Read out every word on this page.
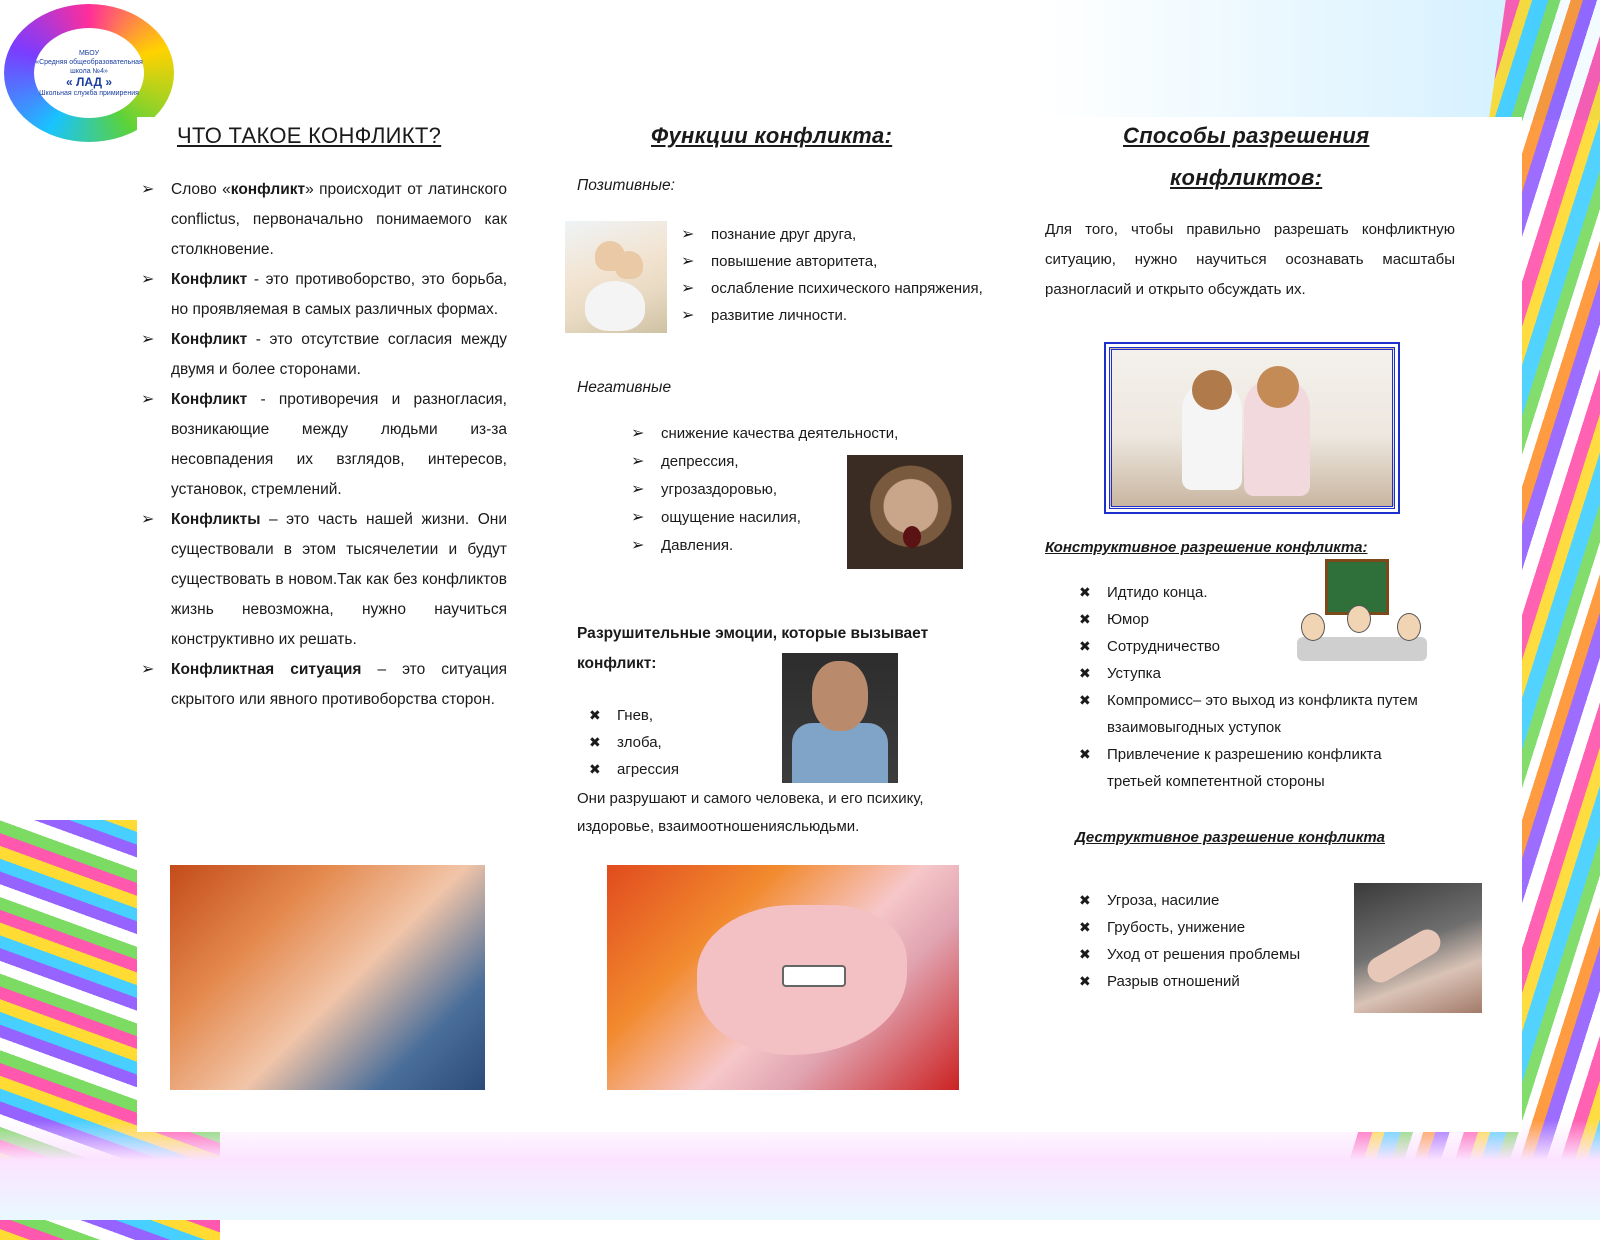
МБОУ
«Средняя общеобразовательная школа №4»
« ЛАД »
Школьная служба примирения
ЧТО ТАКОЕ КОНФЛИКТ?
➢ Слово «конфликт» происходит от латинского conflictus, первоначально понимаемого как столкновение.
➢ Конфликт - это противоборство, это борьба, но проявляемая в самых различных формах.
➢ Конфликт - это отсутствие согласия между двумя и более сторонами.
➢ Конфликт - противоречия и разногласия, возникающие между людьми из-за несовпадения их взглядов, интересов, установок, стремлений.
➢ Конфликты – это часть нашей жизни. Они существовали в этом тысячелетии и будут существовать в новом.Так как без конфликтов жизнь невозможна, нужно научиться конструктивно их решать.
➢ Конфликтная ситуация – это ситуация скрытого или явного противоборства сторон.
Функции конфликта:
Позитивные:
➢ познание друг друга,
➢ повышение авторитета,
➢ ослабление психического напряжения,
➢ развитие личности.
Негативные
➢ снижение качества деятельности,
➢ депрессия,
➢ угрозаздоровью,
➢ ощущение насилия,
➢ Давления.
Разрушительные эмоции, которые вызывает конфликт:
✖ Гнев,
✖ злоба,
✖ агрессия
Они разрушают и самого человека, и его психику, издоровье, взаимоотношениясльюдьми.
Способы разрешения
конфликтов:
Для того, чтобы правильно разрешать конфликтную ситуацию, нужно научиться осознавать масштабы разногласий и открыто обсуждать их.
Конструктивное разрешение конфликта:
✖ Идтидо конца.
✖ Юмор
✖ Сотрудничество
✖ Уступка
✖ Компромисс– это выход из конфликта путем взаимовыгодных уступок
✖ Привлечение к разрешению конфликта третьей компетентной стороны
Деструктивное разрешение конфликта
✖ Угроза, насилие
✖ Грубость, унижение
✖ Уход от решения проблемы
✖ Разрыв отношений
